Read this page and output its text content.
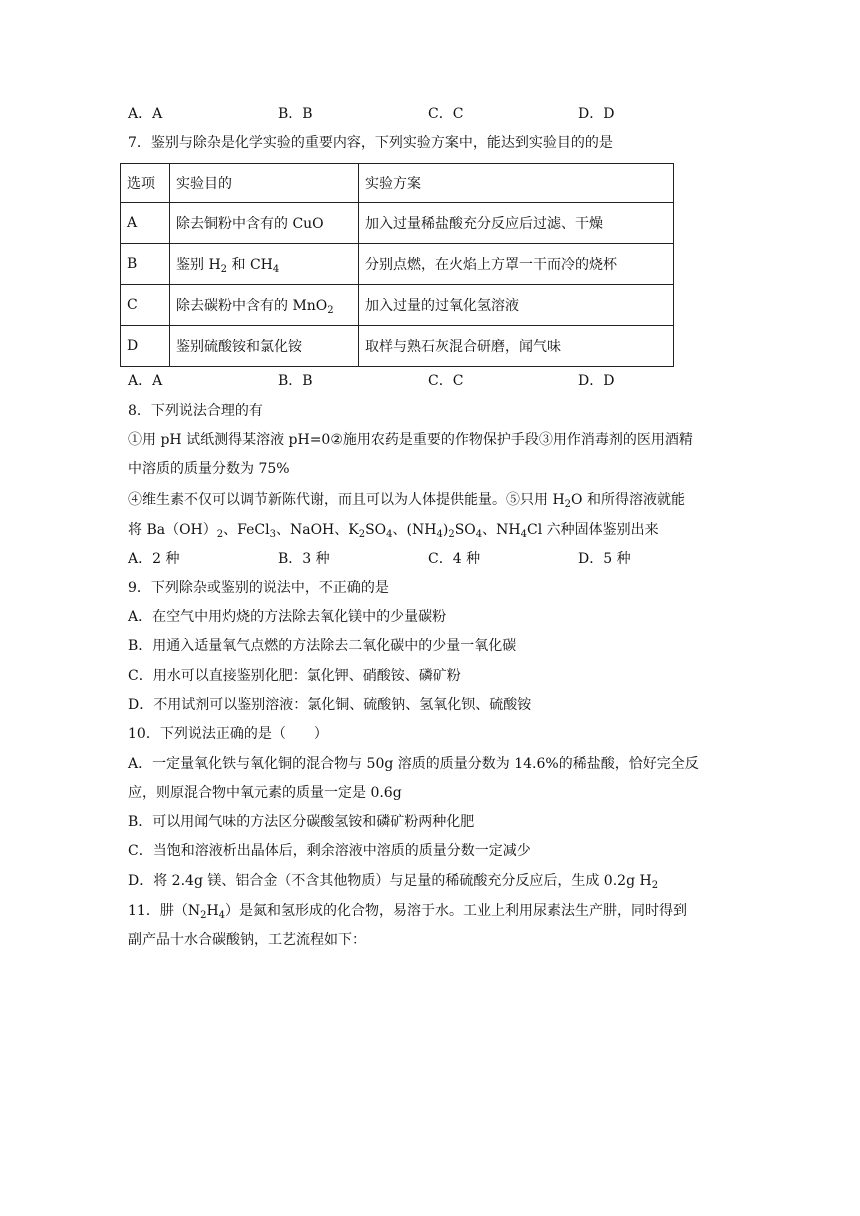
A．A	B．B	C．C	D．D
7．鉴别与除杂是化学实验的重要内容，下列实验方案中，能达到实验目的的是
选项	实验目的	实验方案
A	除去铜粉中含有的 CuO	加入过量稀盐酸充分反应后过滤、干燥
B	鉴别 $H_2$ 和 $CH_4$	分别点燃，在火焰上方罩一干而冷的烧杯
C	除去碳粉中含有的 MnO$_2$	加入过量的过氧化氢溶液
D	鉴别硫酸铵和氯化铵	取样与熟石灰混合研磨，闻气味
A．A	B．B	C．C	D．D
8．下列说法合理的有
①用 pH 试纸测得某溶液 pH=0②施用农药是重要的作物保护手段③用作消毒剂的医用酒精
中溶质的质量分数为 75%
④维生素不仅可以调节新陈代谢，而且可以为人体提供能量。⑤只用 $H_2O$ 和所得溶液就能
将 $Ba(OH)_2$、FeCl$_3$、NaOH、$K_2SO_4$、$(NH_4)_2SO_4$、$NH_4Cl$ 六种固体鉴别出来
A．2 种	B．3 种	C．4 种	D．5 种
9．下列除杂或鉴别的说法中，不正确的是
A．在空气中用灼烧的方法除去氧化镁中的少量碳粉
B．用通入适量氧气点燃的方法除去二氧化碳中的少量一氧化碳
C．用水可以直接鉴别化肥：氯化钾、硝酸铵、磷矿粉
D．不用试剂可以鉴别溶液：氯化铜、硫酸钠、氢氧化钡、硫酸铵
10．下列说法正确的是（　　）
A．一定量氧化铁与氧化铜的混合物与 50g 溶质的质量分数为 14.6%的稀盐酸，恰好完全反
应，则原混合物中氧元素的质量一定是 0.6g
B．可以用闻气味的方法区分碳酸氢铵和磷矿粉两种化肥
C．当饱和溶液析出晶体后，剩余溶液中溶质的质量分数一定减少
D．将 2.4g 镁、铝合金（不含其他物质）与足量的稀硫酸充分反应后，生成 0.2g $H_2$
11．肼$(N_2H_4)$是氮和氢形成的化合物，易溶于水。工业上利用尿素法生产肼，同时得到
副产品十水合碳酸钠，工艺流程如下：
